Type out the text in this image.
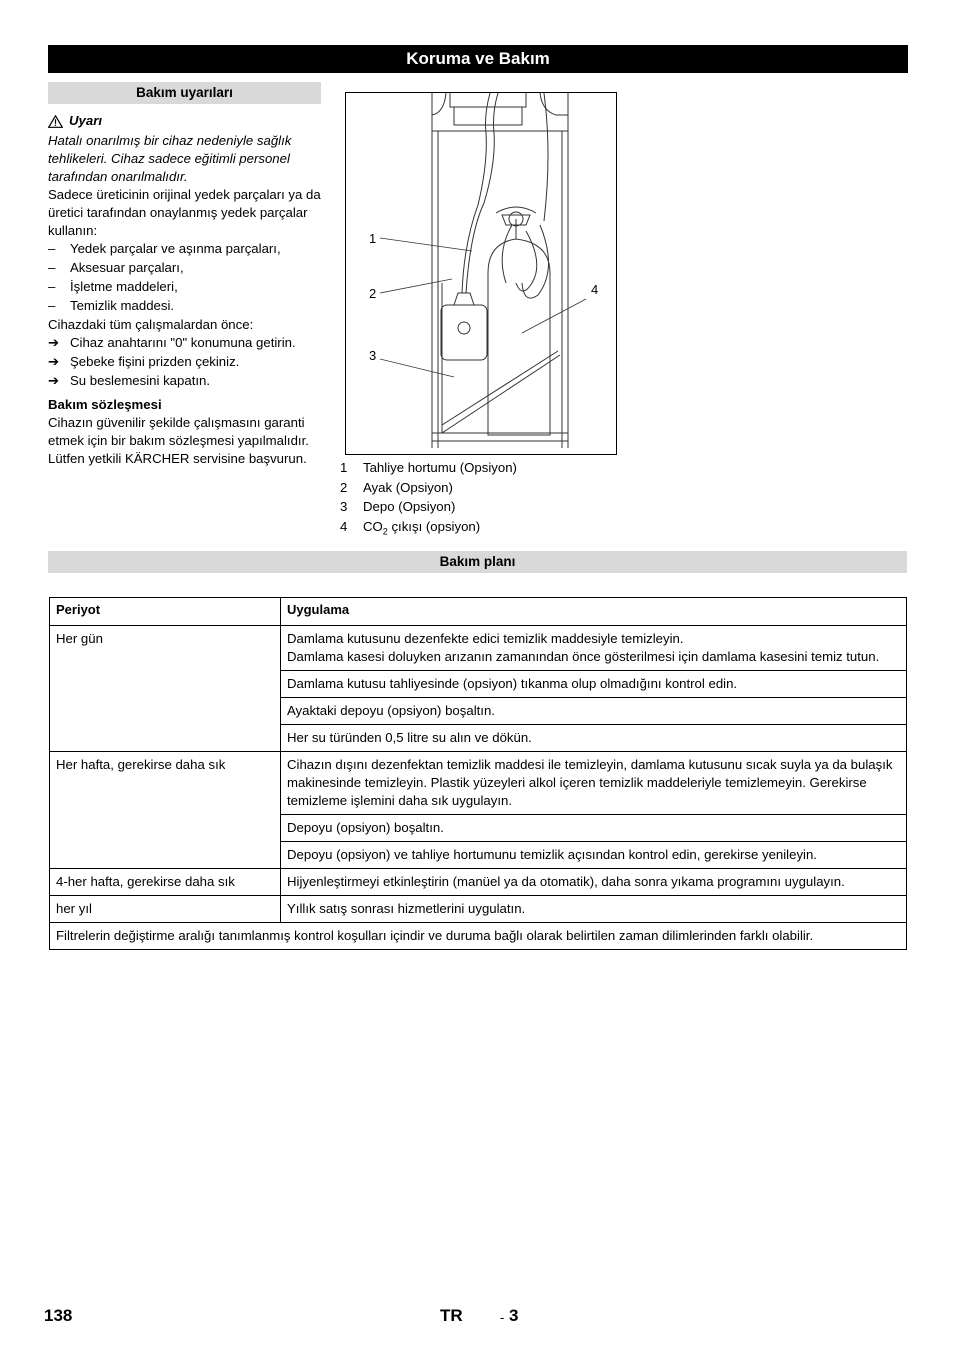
Koruma ve Bakım
Bakım uyarıları

Uyarı

Hatalı onarılmış bir cihaz nedeniyle sağlık tehlikeleri. Cihaz sadece eğitimli personel tarafından onarılmalıdır.

Sadece üreticinin orijinal yedek parçaları ya da üretici tarafından onaylanmış yedek parçalar kullanın:

– Yedek parçalar ve aşınma parçaları,
– Aksesuar parçaları,
– İşletme maddeleri,
– Temizlik maddesi.

Cihazdaki tüm çalışmalardan önce:

➔ Cihaz anahtarını "0" konumuna getirin.
➔ Şebeke fişini prizden çekiniz.
➔ Su beslemesini kapatın.

Bakım sözleşmesi

Cihazın güvenilir şekilde çalışmasını garanti etmek için bir bakım sözleşmesi yapılmalıdır. Lütfen yetkili KÄRCHER servisine başvurun.

1
2
3
4
1	Tahliye hortumu (Opsiyon)
2	Ayak (Opsiyon)
3	Depo (Opsiyon)
4	$CO_2$ çıkışı (opsiyon)
Bakım planı
Periyot	Uygulama
Her gün	Damlama kutusunu dezenfekte edici temizlik maddesiyle temizleyin.
Damlama kasesi doluyken arızanın zamanından önce gösterilmesi için damlama kasesini temiz tutun.
	Damlama kutusu tahliyesinde (opsiyon) tıkanma olup olmadığını kontrol edin.
	Ayaktaki depoyu (opsiyon) boşaltın.
	Her su türünden 0,5 litre su alın ve dökün.
Her hafta, gerekirse daha sık	Cihazın dışını dezenfektan temizlik maddesi ile temizleyin, damlama kutusunu sıcak suyla ya da bulaşık makinesinde temizleyin. Plastik yüzeyleri alkol içeren temizlik maddeleriyle temizlemeyin. Gerekirse temizleme işlemini daha sık uygulayın.
	Depoyu (opsiyon) boşaltın.
	Depoyu (opsiyon) ve tahliye hortumunu temizlik açısından kontrol edin, gerekirse yenileyin.
4-her hafta, gerekirse daha sık	Hijyenleştirmeyi etkinleştirin (manüel ya da otomatik), daha sonra yıkama programını uygulayın.
her yıl	Yıllık satış sonrası hizmetlerini uygulatın.
Filtrelerin değiştirme aralığı tanımlanmış kontrol koşulları içindir ve duruma bağlı olarak belirtilen zaman dilimlerinden farklı olabilir.	
138	TR	- 3
